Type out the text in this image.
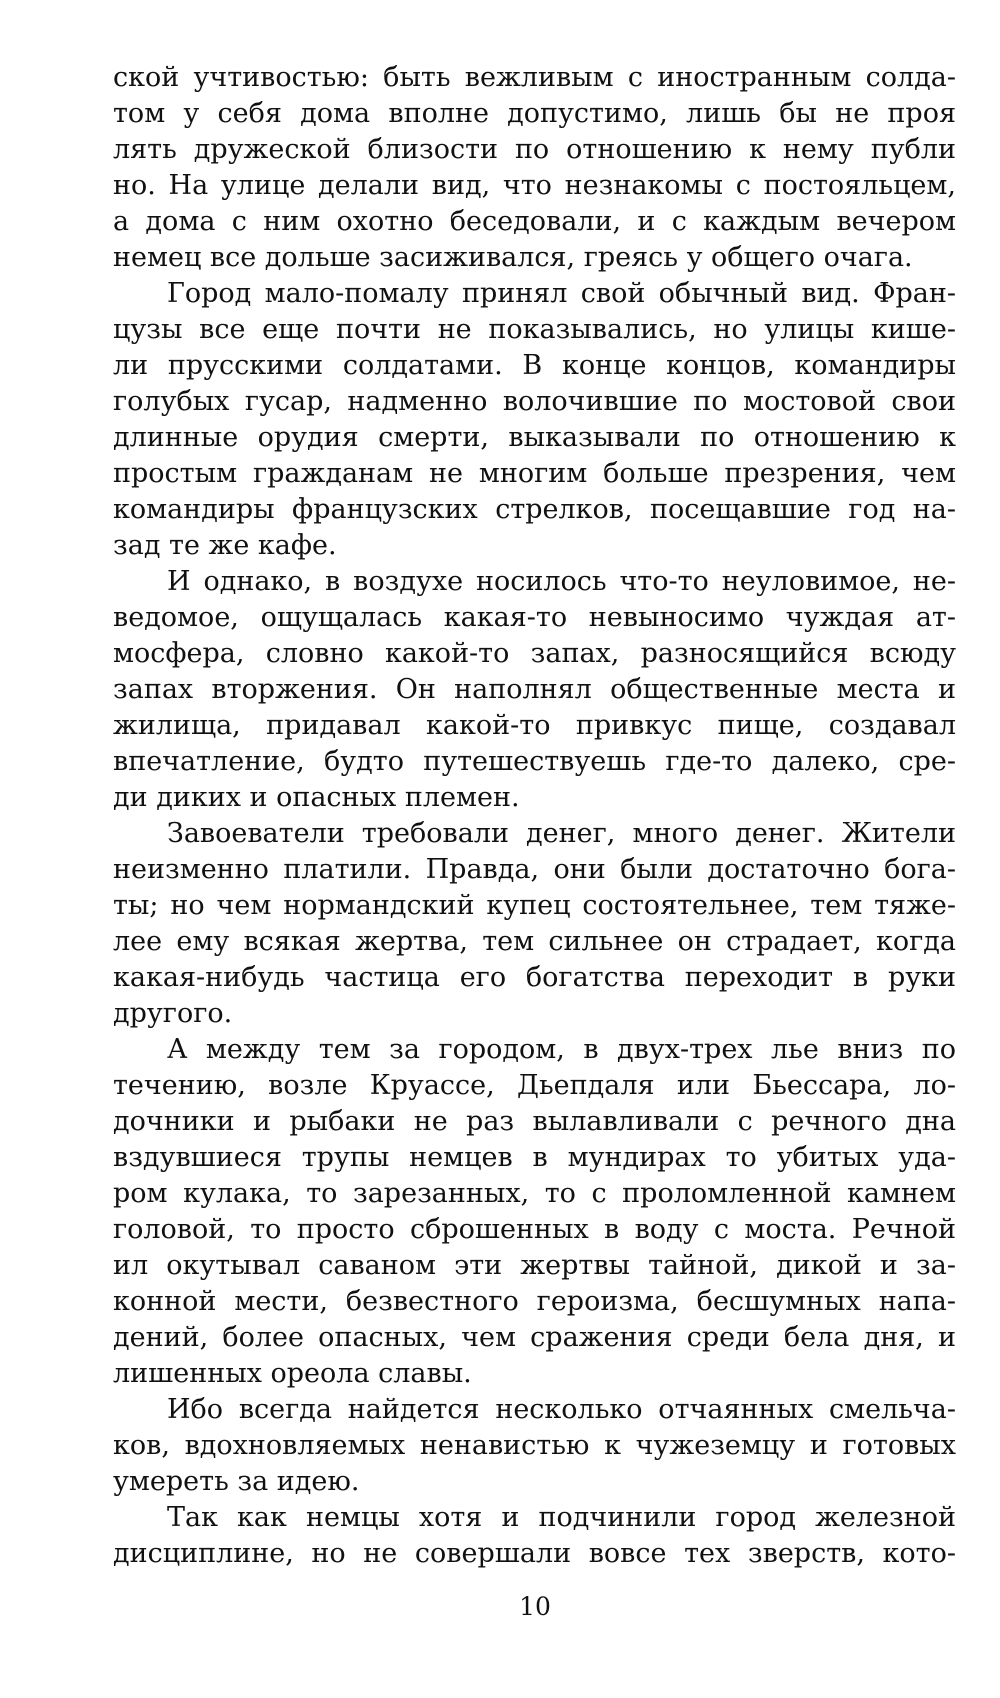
ской учтивостью: быть вежливым с иностранным солда-
том у себя дома вполне допустимо, лишь бы не проя
лять дружеской близости по отношению к нему публи
но. На улице делали вид, что незнакомы с постояльцем,
а дома с ним охотно беседовали, и с каждым вечером
немец все дольше засиживался, греясь у общего очага.
Город мало-помалу принял свой обычный вид. Фран-
цузы все еще почти не показывались, но улицы кише-
ли прусскими солдатами. В конце концов, командиры
голубых гусар, надменно волочившие по мостовой свои
длинные орудия смерти, выказывали по отношению к
простым гражданам не многим больше презрения, чем
командиры французских стрелков, посещавшие год на-
зад те же кафе.
И однако, в воздухе носилось что-то неуловимое, не-
ведомое, ощущалась какая-то невыносимо чуждая ат-
мосфера, словно какой-то запах, разносящийся всюду
запах вторжения. Он наполнял общественные места и
жилища, придавал какой-то привкус пище, создавал
впечатление, будто путешествуешь где-то далеко, сре-
ди диких и опасных племен.
Завоеватели требовали денег, много денег. Жители
неизменно платили. Правда, они были достаточно бога-
ты; но чем нормандский купец состоятельнее, тем тяже-
лее ему всякая жертва, тем сильнее он страдает, когда
какая-нибудь частица его богатства переходит в руки
другого.
А между тем за городом, в двух-трех лье вниз по
течению, возле Круассе, Дьепдаля или Бьессара, ло-
дочники и рыбаки не раз вылавливали с речного дна
вздувшиеся трупы немцев в мундирах то убитых уда-
ром кулака, то зарезанных, то с проломленной камнем
головой, то просто сброшенных в воду с моста. Речной
ил окутывал саваном эти жертвы тайной, дикой и за-
конной мести, безвестного героизма, бесшумных напа-
дений, более опасных, чем сражения среди бела дня, и
лишенных ореола славы.
Ибо всегда найдется несколько отчаянных смельча-
ков, вдохновляемых ненавистью к чужеземцу и готовых
умереть за идею.
Так как немцы хотя и подчинили город железной
дисциплине, но не совершали вовсе тех зверств, кото-
10
